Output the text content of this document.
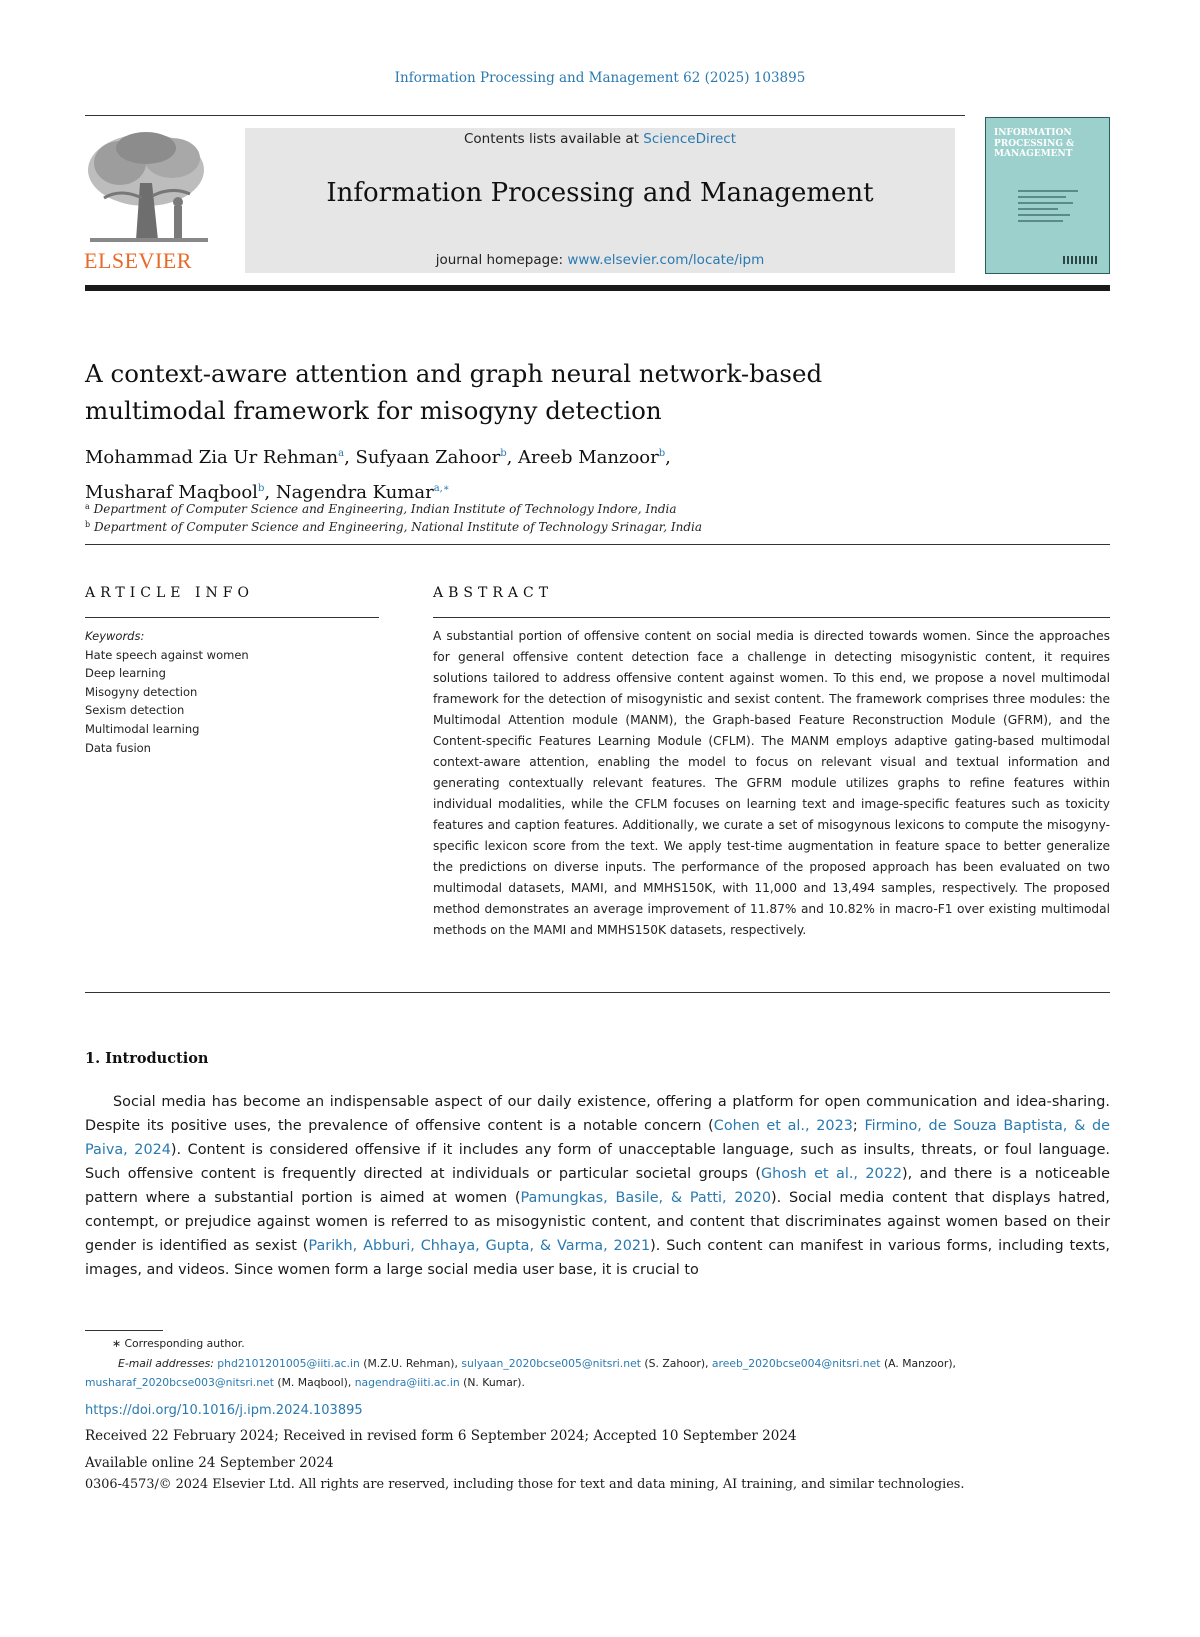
Information Processing and Management 62 (2025) 103895
ELSEVIER
Contents lists available at ScienceDirect
Information Processing and Management
journal homepage: www.elsevier.com/locate/ipm
INFORMATION PROCESSING & MANAGEMENT
A context-aware attention and graph neural network-based
multimodal framework for misogyny detection
Mohammad Zia Ur Rehman$^a$, Sufyaan Zahoor$^b$, Areeb Manzoor$^b$,
Musharaf Maqbool$^b$, Nagendra Kumar$^{a,∗}$
$^a$ Department of Computer Science and Engineering, Indian Institute of Technology Indore, India
$^b$ Department of Computer Science and Engineering, National Institute of Technology Srinagar, India
ARTICLE INFO
Keywords:
Hate speech against women
Deep learning
Misogyny detection
Sexism detection
Multimodal learning
Data fusion
ABSTRACT
A substantial portion of offensive content on social media is directed towards women. Since the approaches for general offensive content detection face a challenge in detecting misogynistic content, it requires solutions tailored to address offensive content against women. To this end, we propose a novel multimodal framework for the detection of misogynistic and sexist content. The framework comprises three modules: the Multimodal Attention module (MANM), the Graph-based Feature Reconstruction Module (GFRM), and the Content-specific Features Learning Module (CFLM). The MANM employs adaptive gating-based multimodal context-aware attention, enabling the model to focus on relevant visual and textual information and generating contextually relevant features. The GFRM module utilizes graphs to refine features within individual modalities, while the CFLM focuses on learning text and image-specific features such as toxicity features and caption features. Additionally, we curate a set of misogynous lexicons to compute the misogyny-specific lexicon score from the text. We apply test-time augmentation in feature space to better generalize the predictions on diverse inputs. The performance of the proposed approach has been evaluated on two multimodal datasets, MAMI, and MMHS150K, with 11,000 and 13,494 samples, respectively. The proposed method demonstrates an average improvement of 11.87% and 10.82% in macro-F1 over existing multimodal methods on the MAMI and MMHS150K datasets, respectively.
1. Introduction
Social media has become an indispensable aspect of our daily existence, offering a platform for open communication and idea-sharing. Despite its positive uses, the prevalence of offensive content is a notable concern (Cohen et al., 2023; Firmino, de Souza Baptista, & de Paiva, 2024). Content is considered offensive if it includes any form of unacceptable language, such as insults, threats, or foul language. Such offensive content is frequently directed at individuals or particular societal groups (Ghosh et al., 2022), and there is a noticeable pattern where a substantial portion is aimed at women (Pamungkas, Basile, & Patti, 2020). Social media content that displays hatred, contempt, or prejudice against women is referred to as misogynistic content, and content that discriminates against women based on their gender is identified as sexist (Parikh, Abburi, Chhaya, Gupta, & Varma, 2021). Such content can manifest in various forms, including texts, images, and videos. Since women form a large social media user base, it is crucial to
∗ Corresponding author.
E-mail addresses: phd2101201005@iiti.ac.in (M.Z.U. Rehman), sulyaan_2020bcse005@nitsri.net (S. Zahoor), areeb_2020bcse004@nitsri.net (A. Manzoor),
musharaf_2020bcse003@nitsri.net (M. Maqbool), nagendra@iiti.ac.in (N. Kumar).
https://doi.org/10.1016/j.ipm.2024.103895
Received 22 February 2024; Received in revised form 6 September 2024; Accepted 10 September 2024
Available online 24 September 2024
0306-4573/© 2024 Elsevier Ltd. All rights are reserved, including those for text and data mining, AI training, and similar technologies.
